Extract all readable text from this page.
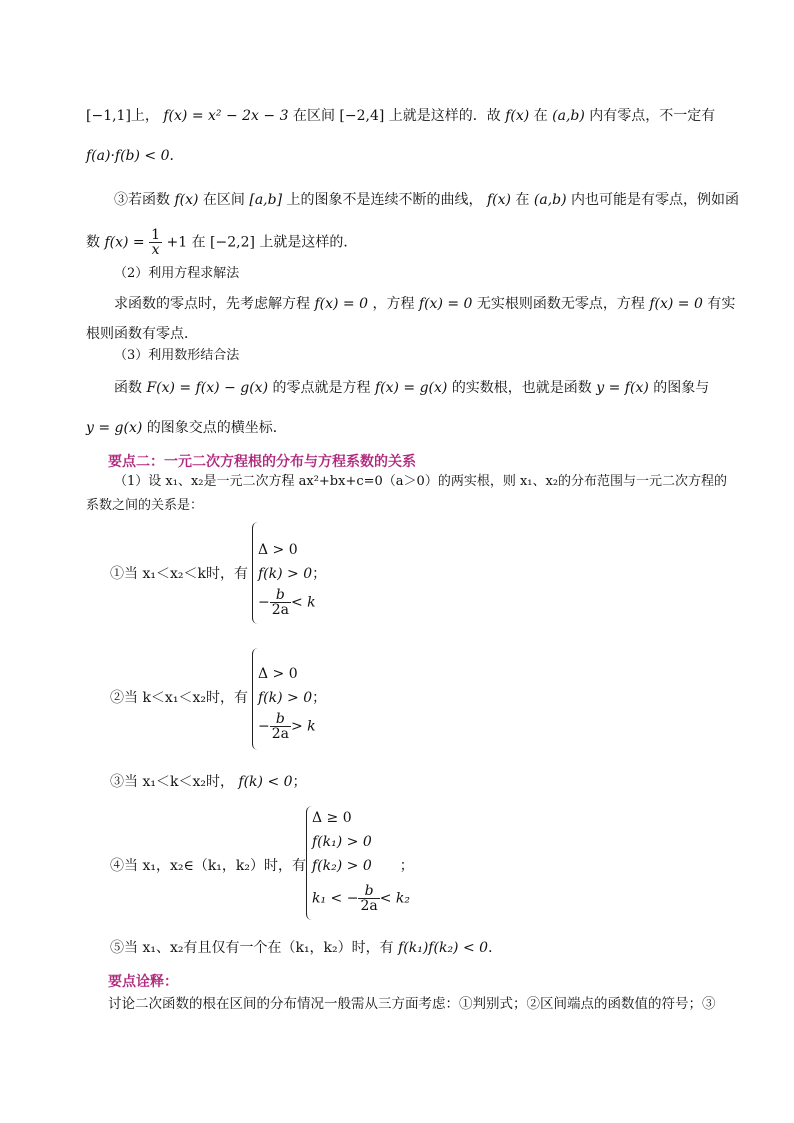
[−1,1]上， f(x) = x² − 2x − 3 在区间 [−2,4] 上就是这样的．故 f(x) 在 (a,b) 内有零点，不一定有
f(a)·f(b) < 0．
③若函数 f(x) 在区间 [a,b] 上的图象不是连续不断的曲线， f(x) 在 (a,b) 内也可能是有零点，例如函
数 $f(x) = \frac{1}{x} +1$ 在 [−2,2] 上就是这样的．
（2）利用方程求解法
求函数的零点时，先考虑解方程 f(x) = 0 ，方程 f(x) = 0 无实根则函数无零点，方程 f(x) = 0 有实
根则函数有零点．
（3）利用数形结合法
函数 F(x) = f(x) − g(x) 的零点就是方程 f(x) = g(x) 的实数根，也就是函数 y = f(x) 的图象与
y = g(x) 的图象交点的横坐标．
要点二：一元二次方程根的分布与方程系数的关系
（1）设 x₁、x₂是一元二次方程 ax²+bx+c=0（a＞0）的两实根，则 x₁、x₂的分布范围与一元二次方程的
系数之间的关系是：
①当 x₁＜x₂＜k时，有
Δ > 0
f(k) > 0；
− $\frac{b}{2a} < k$
②当 k＜x₁＜x₂时，有
Δ > 0
f(k) > 0；
− $\frac{b}{2a} > k$
③当 x₁＜k＜x₂时， f(k) < 0；
④当 x₁，x₂∈（k₁，k₂）时，有
Δ ≥ 0
f(k₁) > 0
f(k₂) > 0 ；
k₁ < − $\frac{b}{2a} < k_2$
⑤当 x₁、x₂有且仅有一个在（k₁，k₂）时，有 f(k₁)f(k₂) < 0．
要点诠释：
讨论二次函数的根在区间的分布情况一般需从三方面考虑：①判别式；②区间端点的函数值的符号；③
